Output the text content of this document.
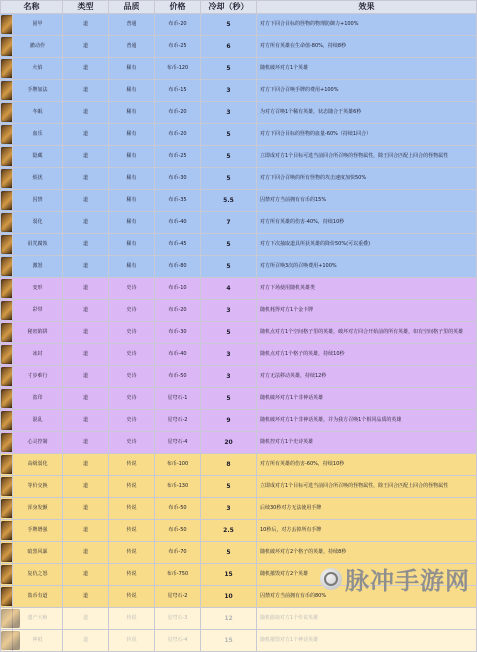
名称		类型	品质	价格	冷却（秒）	效果

	固甲	道	普通	布币-20	5	对方下回合目标的怪物的物理防御力+100%

	撤动作	道	普通	布币-25	6	对方所有英雄在生命值-80%，持续8秒

	火焰	道	稀有	布币-120	5	随机破坏对方1个英雄

	手牌加法	道	稀有	布币-15	3	对方下回合召唤手牌的费用+100%

	冬眠	道	稀有	布币-20	3	为对方召唤1个稀有英雄，状态随合于英雄6秒

	血乐	道	稀有	布币-20	5	对方下回合目标的怪物的血量-60%（持续1回合）

	隐藏	道	稀有	布币-25	5	立即成对方1个目标可选当前回合所召唤的怪物属性，除王回合匹配上回合的怪物属性

	烦扰	道	稀有	布币-30	5	对方下回合召唤的所有怪物的攻击速度加快50%

	囚禁	道	稀有	布币-35	5.5	囚禁对方当前拥有有币的15%

	弱化	道	稀有	布币-40	7	对方所有英雄的伤害-40%，持续10秒

	诅咒腐蚀	道	稀有	布币-45	5	对方下次抽取道具所获英雄的降价50%(可以重叠)

	激怒	道	稀有	布币-80	5	对方所召唤3次的召唤费用+100%

	变形	道	史诗	布币-10	4	对方下场使用随机英雄类

	彩带	道	史诗	布币-20	3	随机耗得对方1个金卡牌

	秘密陷阱	道	史诗	布币-30	5	随机点对方1个空间格子里的英雄，破坏对方回合开始前的所有英雄，如有空间格子里的英雄

	冰封	道	史诗	布币-40	3	随机点对方1个格子的英雄，持续10秒

	寸步难行	道	史诗	布币-50	3	对方无法移动英雄，持续12秒

	盗印	道	史诗	星穹石-1	5	随机破坏对方1个非神话英雄

	混乱	道	史诗	星穹石-2	9	随机破坏对方1个非神话英雄，并为我方召唤1个相同品质的英雄

	心灵控制	道	史诗	星穹石-4	20	随机控对方1个史诗英雄

	高级弱化	道	传说	布币-100	8	对方所有英雄的伤害-60%，持续10秒

	等价交换	道	传说	布币-130	5	立即成对方1个目标可选当前回合所召唤的怪物属性，除王回合匹配上回合的怪物属性

	浑身发颤	道	传说	布币-50	3	后续30秒对方无法使用手牌

	手牌增强	道	传说	布币-50	2.5	10秒后，对方丢掉所有手牌

	暗黑风暴	道	传说	布币-70	5	随机破坏对方2个格子的英雄，持续8秒

	复仇之怒	道	传说	布币-750	15	随机摧毁对方2个英雄

	盗币有道	道	传说	星穹石-2	10	囚禁对方当前拥有有币的80%

	遗产大师	道	传说	星穹石-3	12	随机偷取对方1个传说英雄

	神祗	道	传说	星穹石-4	15	随机摧毁对方1个神话英雄
脉冲手游网
